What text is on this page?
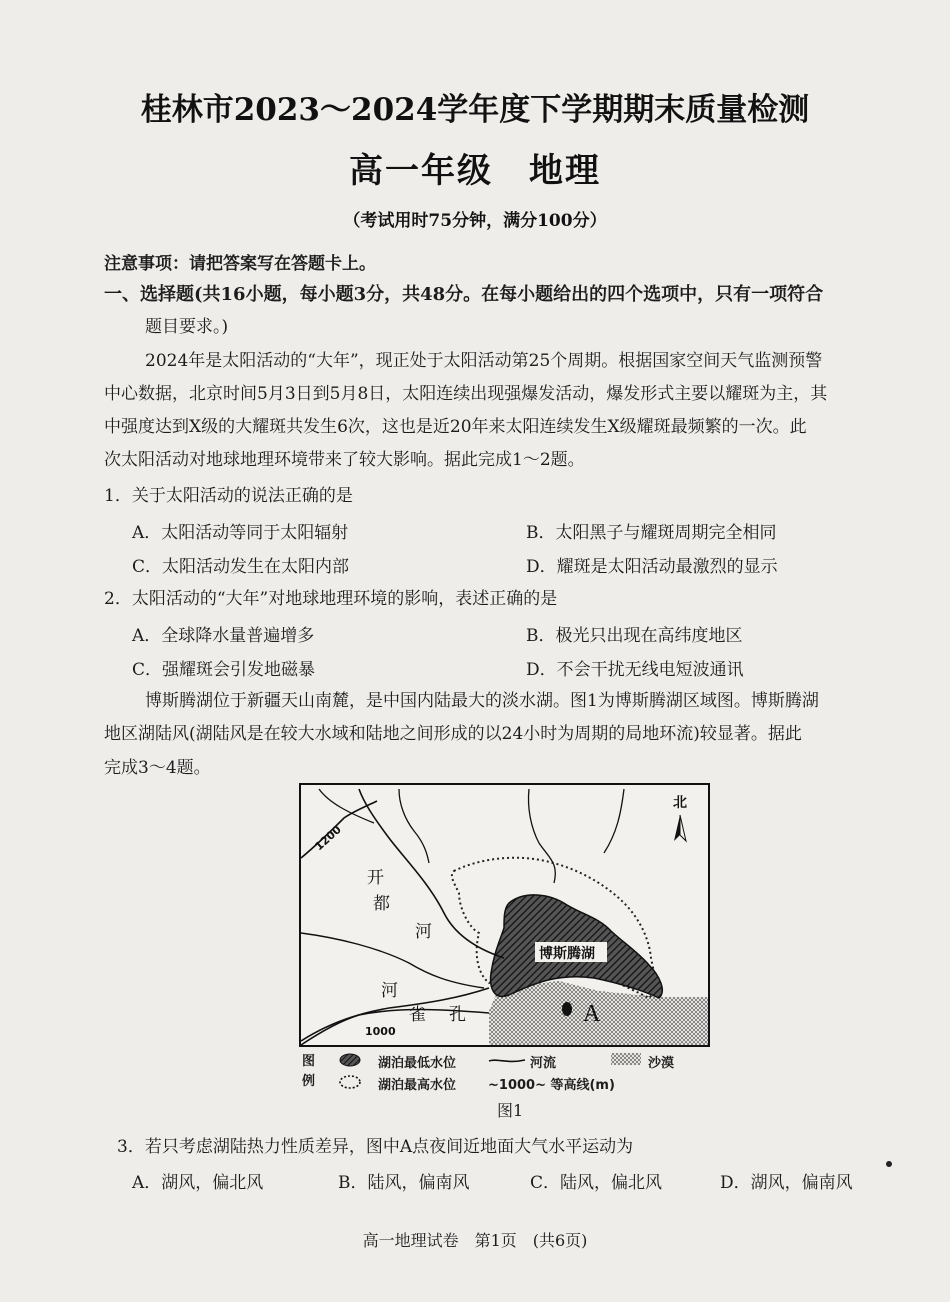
桂林市2023～2024学年度下学期期末质量检测
高一年级　地理
（考试用时75分钟，满分100分）
注意事项：请把答案写在答题卡上。
一、选择题(共16小题，每小题3分，共48分。在每小题给出的四个选项中，只有一项符合
题目要求。)
2024年是太阳活动的“大年”，现正处于太阳活动第25个周期。根据国家空间天气监测预警
中心数据，北京时间5月3日到5月8日，太阳连续出现强爆发活动，爆发形式主要以耀斑为主，其
中强度达到X级的大耀斑共发生6次，这也是近20年来太阳连续发生X级耀斑最频繁的一次。此
次太阳活动对地球地理环境带来了较大影响。据此完成1～2题。
1．关于太阳活动的说法正确的是
A．太阳活动等同于太阳辐射	B．太阳黑子与耀斑周期完全相同
C．太阳活动发生在太阳内部	D．耀斑是太阳活动最激烈的显示
2．太阳活动的“大年”对地球地理环境的影响，表述正确的是
A．全球降水量普遍增多	B．极光只出现在高纬度地区
C．强耀斑会引发地磁暴	D．不会干扰无线电短波通讯
博斯腾湖位于新疆天山南麓，是中国内陆最大的淡水湖。图1为博斯腾湖区域图。博斯腾湖
地区湖陆风(湖陆风是在较大水域和陆地之间形成的以24小时为周期的局地环流)较显著。据此
完成3～4题。
A
博斯腾湖
北
开
都
河
河
雀 孔
1200
1000
图
例
湖泊最低水位
湖泊最高水位
河流
~1000~ 等高线(m)
沙漠
图1
3．若只考虑湖陆热力性质差异，图中A点夜间近地面大气水平运动为
A．湖风，偏北风	B．陆风，偏南风	C．陆风，偏北风	D．湖风，偏南风
高一地理试卷　第1页　(共6页)
